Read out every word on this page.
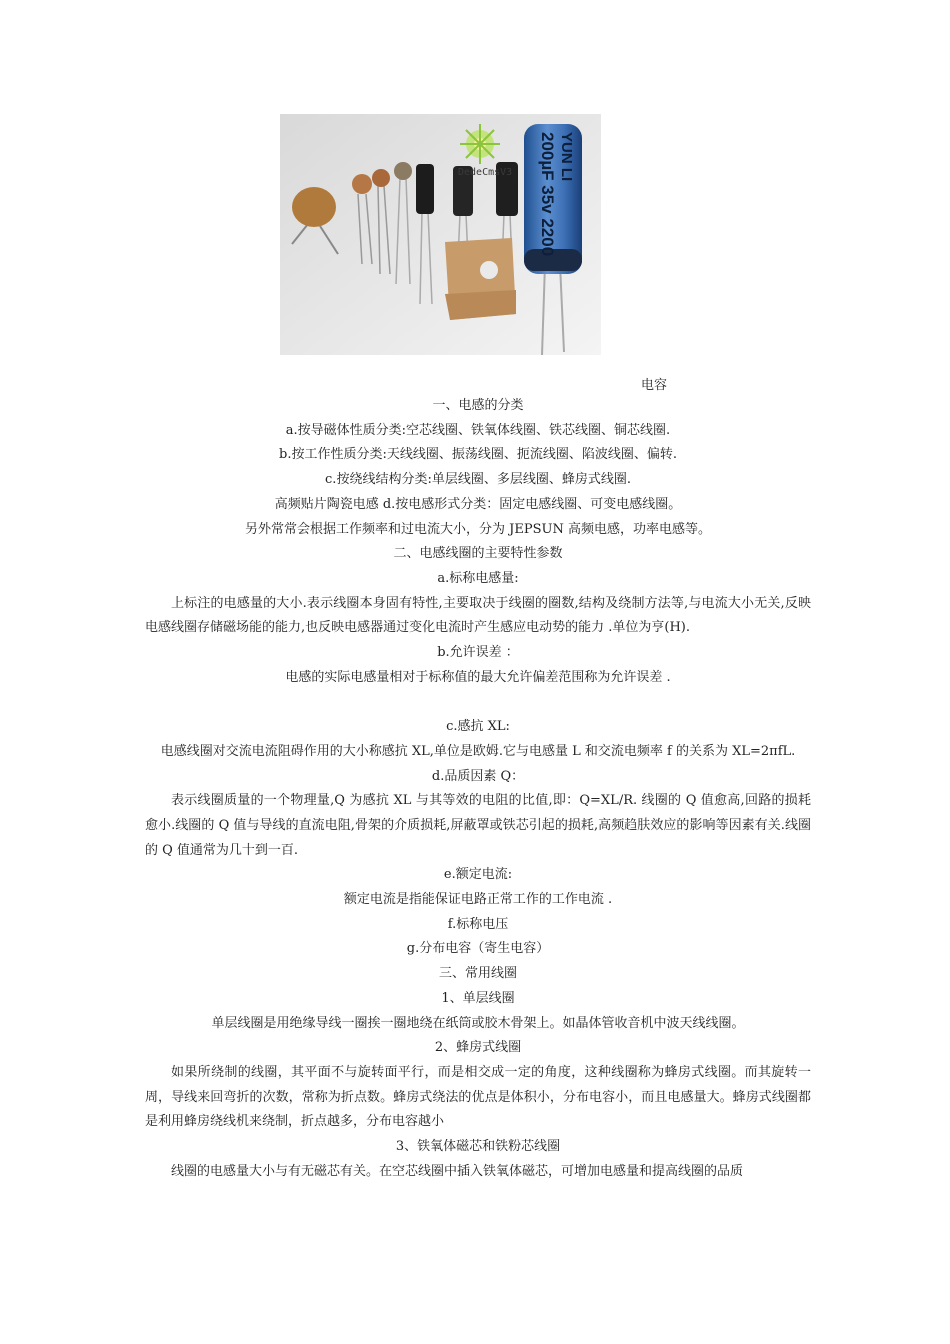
200µF 35v 2200 YUN LI
DedeCmsV3
电容
一、电感的分类
a.按导磁体性质分类:空芯线圈、铁氧体线圈、铁芯线圈、铜芯线圈.
b.按工作性质分类:天线线圈、振荡线圈、扼流线圈、陷波线圈、偏转.
c.按绕线结构分类:单层线圈、多层线圈、蜂房式线圈.
高频贴片陶瓷电感 d.按电感形式分类：固定电感线圈、可变电感线圈。
另外常常会根据工作频率和过电流大小，分为 JEPSUN 高频电感，功率电感等。
二、电感线圈的主要特性参数
a.标称电感量:
上标注的电感量的大小.表示线圈本身固有特性,主要取决于线圈的圈数,结构及绕制方法等,与电流大小无关,反映电感线圈存储磁场能的能力,也反映电感器通过变化电流时产生感应电动势的能力 .单位为亨(H).
b.允许误差 ：
电感的实际电感量相对于标称值的最大允许偏差范围称为允许误差 .
c.感抗 XL:
电感线圈对交流电流阻碍作用的大小称感抗 XL,单位是欧姆.它与电感量 L 和交流电频率 f 的关系为 XL=2πfL.
d.品质因素 Q：
表示线圈质量的一个物理量,Q 为感抗 XL 与其等效的电阻的比值,即：Q=XL/R. 线圈的 Q 值愈高,回路的损耗愈小.线圈的 Q 值与导线的直流电阻,骨架的介质损耗,屏蔽罩或铁芯引起的损耗,高频趋肤效应的影响等因素有关.线圈的 Q 值通常为几十到一百.
e.额定电流:
额定电流是指能保证电路正常工作的工作电流 .
f.标称电压
g.分布电容（寄生电容）
三、常用线圈
1、单层线圈
单层线圈是用绝缘导线一圈挨一圈地绕在纸筒或胶木骨架上。如晶体管收音机中波天线线圈。
2、蜂房式线圈
如果所绕制的线圈，其平面不与旋转面平行，而是相交成一定的角度，这种线圈称为蜂房式线圈。而其旋转一周，导线来回弯折的次数，常称为折点数。蜂房式绕法的优点是体积小，分布电容小，而且电感量大。蜂房式线圈都是利用蜂房绕线机来绕制，折点越多，分布电容越小
3、铁氧体磁芯和铁粉芯线圈
线圈的电感量大小与有无磁芯有关。在空芯线圈中插入铁氧体磁芯，可增加电感量和提高线圈的品质
